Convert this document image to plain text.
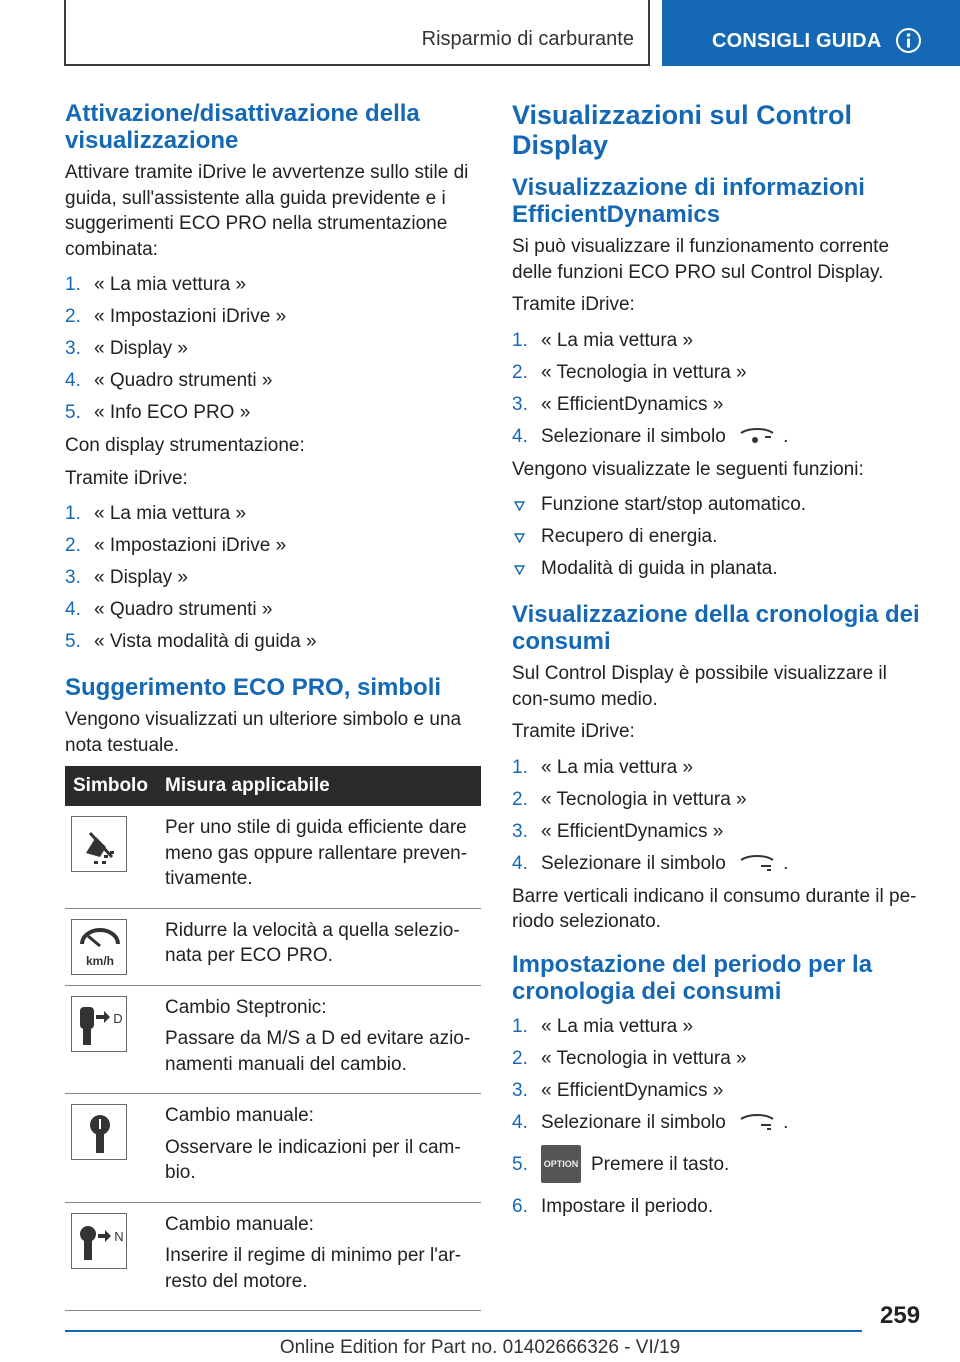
Risparmio di carburante	CONSIGLI GUIDA
Attivazione/disattivazione della visualizzazione

Attivare tramite iDrive le avvertenze sullo stile di guida, sull'assistente alla guida previdente e i suggerimenti ECO PRO nella strumentazione combinata:

1. « La mia vettura »
2. « Impostazioni iDrive »
3. « Display »
4. « Quadro strumenti »
5. « Info ECO PRO »

Con display strumentazione:

Tramite iDrive:

1. « La mia vettura »
2. « Impostazioni iDrive »
3. « Display »
4. « Quadro strumenti »
5. « Vista modalità di guida »
Suggerimento ECO PRO, simboli

Vengono visualizzati un ulteriore simbolo e una nota testuale.

Simbolo	Misura applicabile

Per uno stile di guida efficiente dare meno gas oppure rallentare preven-tivamente.

km/h	Ridurre la velocità a quella selezio-nata per ECO PRO.

D	Cambio Steptronic:

Passare da M/S a D ed evitare azio-namenti manuali del cambio.

Cambio manuale:

Osservare le indicazioni per il cam-bio.

N	Cambio manuale:

Inserire il regime di minimo per l'ar-resto del motore.

Visualizzazioni sul Control Display
Visualizzazione di informazioni EfficientDynamics

Si può visualizzare il funzionamento corrente delle funzioni ECO PRO sul Control Display.

Tramite iDrive:

1. « La mia vettura »
2. « Tecnologia in vettura »
3. « EfficientDynamics »
4. Selezionare il simbolo	.

Vengono visualizzate le seguenti funzioni:

Funzione start/stop automatico.
Recupero di energia.
Modalità di guida in planata.
Visualizzazione della cronologia dei consumi

Sul Control Display è possibile visualizzare il con-sumo medio.

Tramite iDrive:

1. « La mia vettura »
2. « Tecnologia in vettura »
3. « EfficientDynamics »
4. Selezionare il simbolo	.

Barre verticali indicano il consumo durante il pe-riodo selezionato.

Impostazione del periodo per la cronologia dei consumi
1. « La mia vettura »
2. « Tecnologia in vettura »
3. « EfficientDynamics »
4. Selezionare il simbolo	.
5. OPTION Premere il tasto.
6. Impostare il periodo.
259
Online Edition for Part no. 01402666326 - VI/19
